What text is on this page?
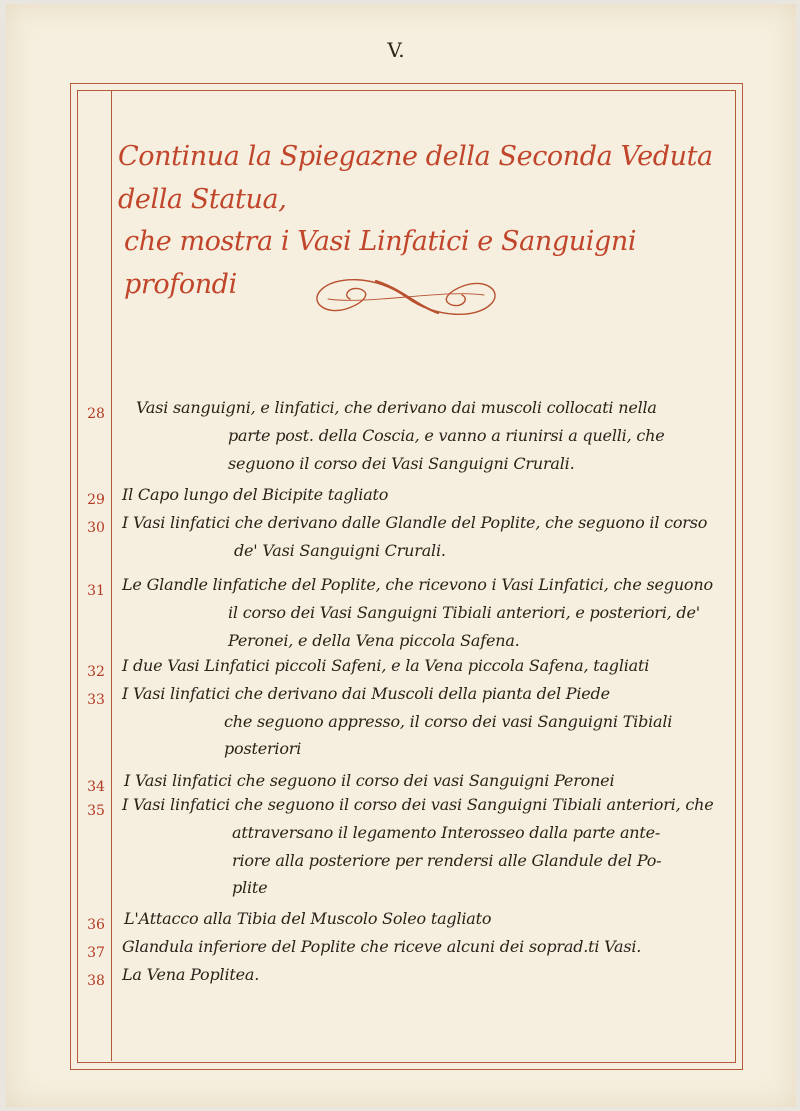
V.
Continua la Spiegazne della Seconda Veduta della Statua,
che mostra i Vasi Linfatici e Sanguigni profondi
28	Vasi sanguigni, e linfatici, che derivano dai muscoli collocati nella
parte post. della Coscia, e vanno a riunirsi a quelli, che
seguono il corso dei Vasi Sanguigni Crurali.
29	Il Capo lungo del Bicipite tagliato
30	I Vasi linfatici che derivano dalle Glandle del Poplite, che seguono il corso
de' Vasi Sanguigni Crurali.
31	Le Glandle linfatiche del Poplite, che ricevono i Vasi Linfatici, che seguono
il corso dei Vasi Sanguigni Tibiali anteriori, e posteriori, de'
Peronei, e della Vena piccola Safena.
32	I due Vasi Linfatici piccoli Safeni, e la Vena piccola Safena, tagliati
33	I Vasi linfatici che derivano dai Muscoli della pianta del Piede
che seguono appresso, il corso dei vasi Sanguigni Tibiali
posteriori
34	I Vasi linfatici che seguono il corso dei vasi Sanguigni Peronei
35	I Vasi linfatici che seguono il corso dei vasi Sanguigni Tibiali anteriori, che
attraversano il legamento Interosseo dalla parte ante-
riore alla posteriore per rendersi alle Glandule del Po-
plite
36	L'Attacco alla Tibia del Muscolo Soleo tagliato
37	Glandula inferiore del Poplite che riceve alcuni dei soprad.ti Vasi.
38	La Vena Poplitea.
